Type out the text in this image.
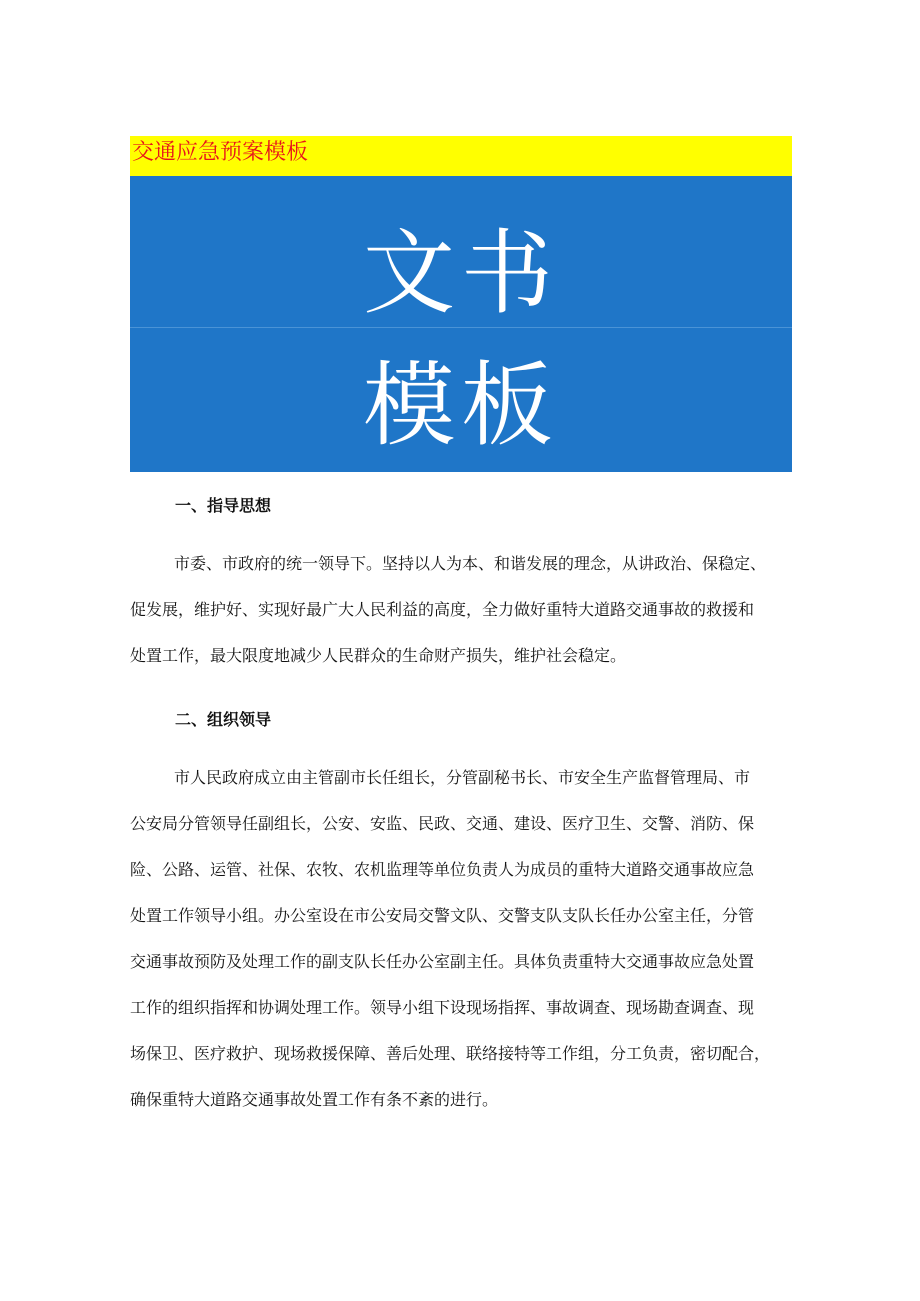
交通应急预案模板
文书
模板
一、指导思想
市委、市政府的统一领导下。坚持以人为本、和谐发展的理念，从讲政治、保稳定、
促发展，维护好、实现好最广大人民利益的高度，全力做好重特大道路交通事故的救援和
处置工作，最大限度地减少人民群众的生命财产损失，维护社会稳定。
二、组织领导
市人民政府成立由主管副市长任组长，分管副秘书长、市安全生产监督管理局、市
公安局分管领导任副组长，公安、安监、民政、交通、建设、医疗卫生、交警、消防、保
险、公路、运管、社保、农牧、农机监理等单位负责人为成员的重特大道路交通事故应急
处置工作领导小组。办公室设在市公安局交警文队、交警支队支队长任办公室主任，分管
交通事故预防及处理工作的副支队长任办公室副主任。具体负责重特大交通事故应急处置
工作的组织指挥和协调处理工作。领导小组下设现场指挥、事故调查、现场勘查调查、现
场保卫、医疗救护、现场救援保障、善后处理、联络接特等工作组，分工负责，密切配合，
确保重特大道路交通事故处置工作有条不紊的进行。
